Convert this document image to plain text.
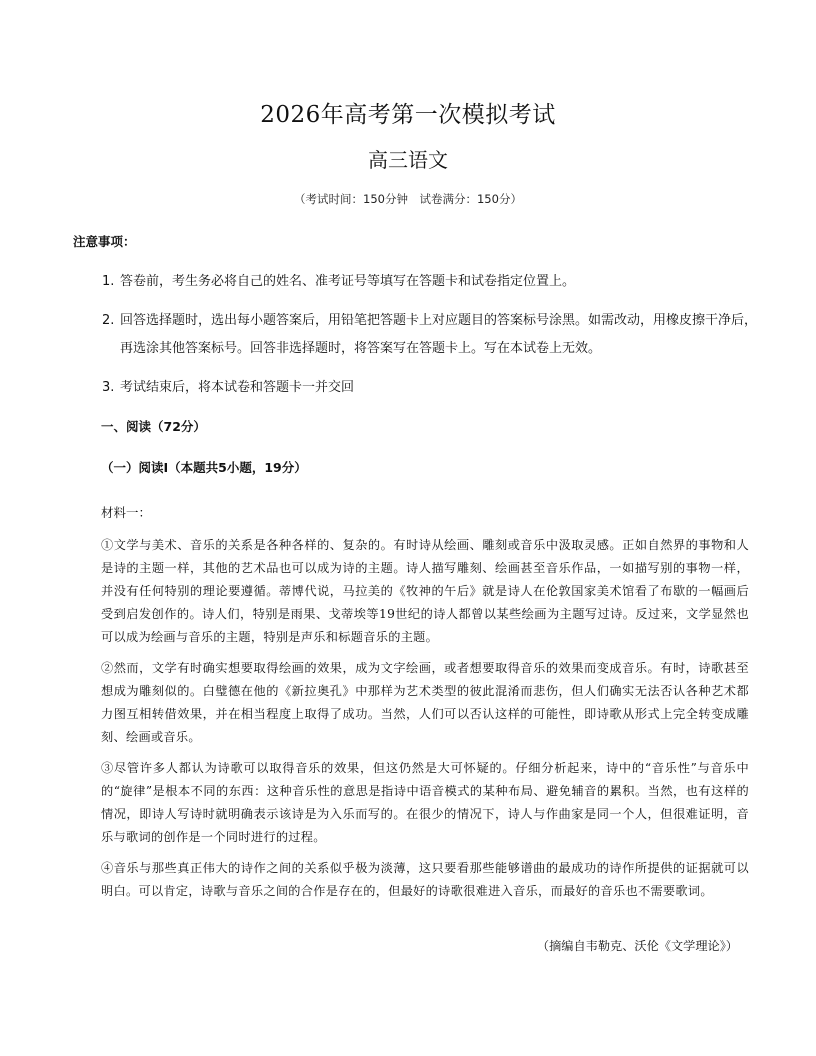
2026年高考第一次模拟考试
高三语文
（考试时间：150分钟　试卷满分：150分）
注意事项：
1. 答卷前，考生务必将自己的姓名、准考证号等填写在答题卡和试卷指定位置上。
2. 回答选择题时，选出每小题答案后，用铅笔把答题卡上对应题目的答案标号涂黑。如需改动，用橡皮擦干净后，再选涂其他答案标号。回答非选择题时，将答案写在答题卡上。写在本试卷上无效。
3. 考试结束后，将本试卷和答题卡一并交回
一、阅读（72分）
（一）阅读Ⅰ（本题共5小题，19分）
材料一：
①文学与美术、音乐的关系是各种各样的、复杂的。有时诗从绘画、雕刻或音乐中汲取灵感。正如自然界的事物和人是诗的主题一样，其他的艺术品也可以成为诗的主题。诗人描写雕刻、绘画甚至音乐作品，一如描写别的事物一样，并没有任何特别的理论要遵循。蒂博代说，马拉美的《牧神的午后》就是诗人在伦敦国家美术馆看了布歇的一幅画后受到启发创作的。诗人们，特别是雨果、戈蒂埃等19世纪的诗人都曾以某些绘画为主题写过诗。反过来，文学显然也可以成为绘画与音乐的主题，特别是声乐和标题音乐的主题。
②然而，文学有时确实想要取得绘画的效果，成为文字绘画，或者想要取得音乐的效果而变成音乐。有时，诗歌甚至想成为雕刻似的。白璧德在他的《新拉奥孔》中那样为艺术类型的彼此混淆而悲伤，但人们确实无法否认各种艺术都力图互相转借效果，并在相当程度上取得了成功。当然，人们可以否认这样的可能性，即诗歌从形式上完全转变成雕刻、绘画或音乐。
③尽管许多人都认为诗歌可以取得音乐的效果，但这仍然是大可怀疑的。仔细分析起来，诗中的“音乐性”与音乐中的“旋律”是根本不同的东西：这种音乐性的意思是指诗中语音模式的某种布局、避免辅音的累积。当然，也有这样的情况，即诗人写诗时就明确表示该诗是为入乐而写的。在很少的情况下，诗人与作曲家是同一个人，但很难证明，音乐与歌词的创作是一个同时进行的过程。
④音乐与那些真正伟大的诗作之间的关系似乎极为淡薄，这只要看那些能够谱曲的最成功的诗作所提供的证据就可以明白。可以肯定，诗歌与音乐之间的合作是存在的，但最好的诗歌很难进入音乐，而最好的音乐也不需要歌词。
（摘编自韦勒克、沃伦《文学理论》）
